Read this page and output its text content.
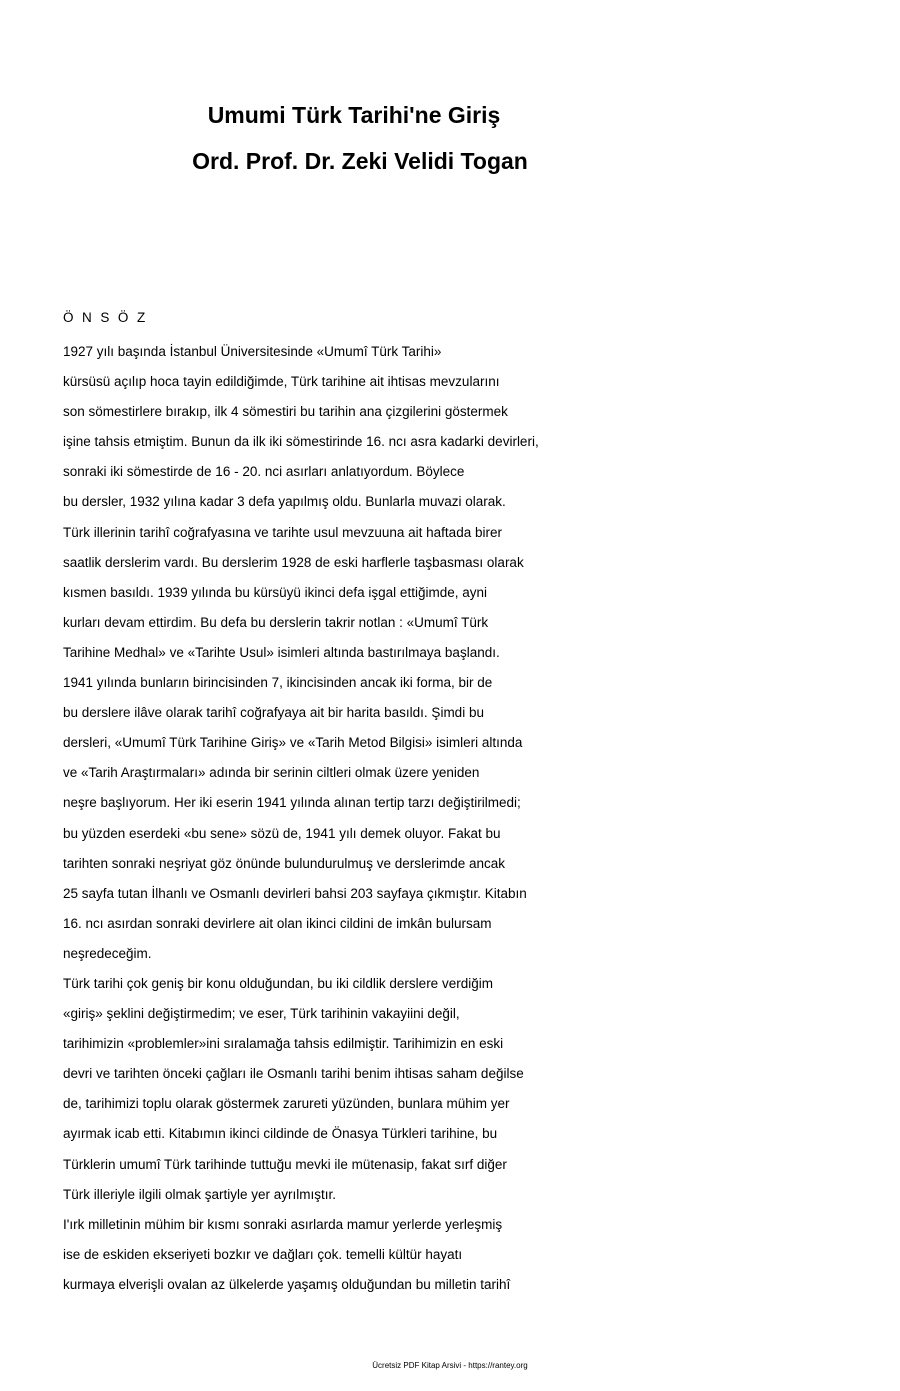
Umumi Türk Tarihi'ne Giriş
Ord. Prof. Dr. Zeki Velidi Togan

Ö N S Ö Z

1927 yılı başında İstanbul Üniversitesinde «Umumî Türk Tarihi»
kürsüsü açılıp hoca tayin edildiğimde, Türk tarihine ait ihtisas mevzularını
son sömestirlere bırakıp, ilk 4 sömestiri bu tarihin ana çizgilerini göstermek
işine tahsis etmiştim. Bunun da ilk iki sömestirinde 16. ncı asra kadarki devirleri,
sonraki iki sömestirde de 16 - 20. nci asırları anlatıyordum. Böylece
bu dersler, 1932 yılına kadar 3 defa yapılmış oldu. Bunlarla muvazi olarak.
Türk illerinin tarihî coğrafyasına ve tarihte usul mevzuuna ait haftada birer
saatlik derslerim vardı. Bu derslerim 1928 de eski harflerle taşbasması olarak
kısmen basıldı. 1939 yılında bu kürsüyü ikinci defa işgal ettiğimde, ayni
kurları devam ettirdim. Bu defa bu derslerin takrir notlan : «Umumî Türk
Tarihine Medhal» ve «Tarihte Usul» isimleri altında bastırılmaya başlandı.
1941 yılında bunların birincisinden 7, ikincisinden ancak iki forma, bir de
bu derslere ilâve olarak tarihî coğrafyaya ait bir harita basıldı. Şimdi bu
dersleri, «Umumî Türk Tarihine Giriş» ve «Tarih Metod Bilgisi» isimleri altında
ve «Tarih Araştırmaları» adında bir serinin ciltleri olmak üzere yeniden
neşre başlıyorum. Her iki eserin 1941 yılında alınan tertip tarzı değiştirilmedi;
bu yüzden eserdeki «bu sene» sözü de, 1941 yılı demek oluyor. Fakat bu
tarihten sonraki neşriyat göz önünde bulundurulmuş ve derslerimde ancak
25 sayfa tutan İlhanlı ve Osmanlı devirleri bahsi 203 sayfaya çıkmıştır. Kitabın
16. ncı asırdan sonraki devirlere ait olan ikinci cildini de imkân bulursam
neşredeceğim.
Türk tarihi çok geniş bir konu olduğundan, bu iki cildlik derslere verdiğim
«giriş» şeklini değiştirmedim; ve eser, Türk tarihinin vakayiini değil,
tarihimizin «problemler»ini sıralamağa tahsis edilmiştir. Tarihimizin en eski
devri ve tarihten önceki çağları ile Osmanlı tarihi benim ihtisas saham değilse
de, tarihimizi toplu olarak göstermek zarureti yüzünden, bunlara mühim yer
ayırmak icab etti. Kitabımın ikinci cildinde de Önasya Türkleri tarihine, bu
Türklerin umumî Türk tarihinde tuttuğu mevki ile mütenasip, fakat sırf diğer
Türk illeriyle ilgili olmak şartiyle yer ayrılmıştır.
I'ırk milletinin mühim bir kısmı sonraki asırlarda mamur yerlerde yerleşmiş
ise de eskiden ekseriyeti bozkır ve dağları çok. temelli kültür hayatı
kurmaya elverişli ovalan az ülkelerde yaşamış olduğundan bu milletin tarihî
Ücretsiz PDF Kitap Arsivi - https://rantey.org
